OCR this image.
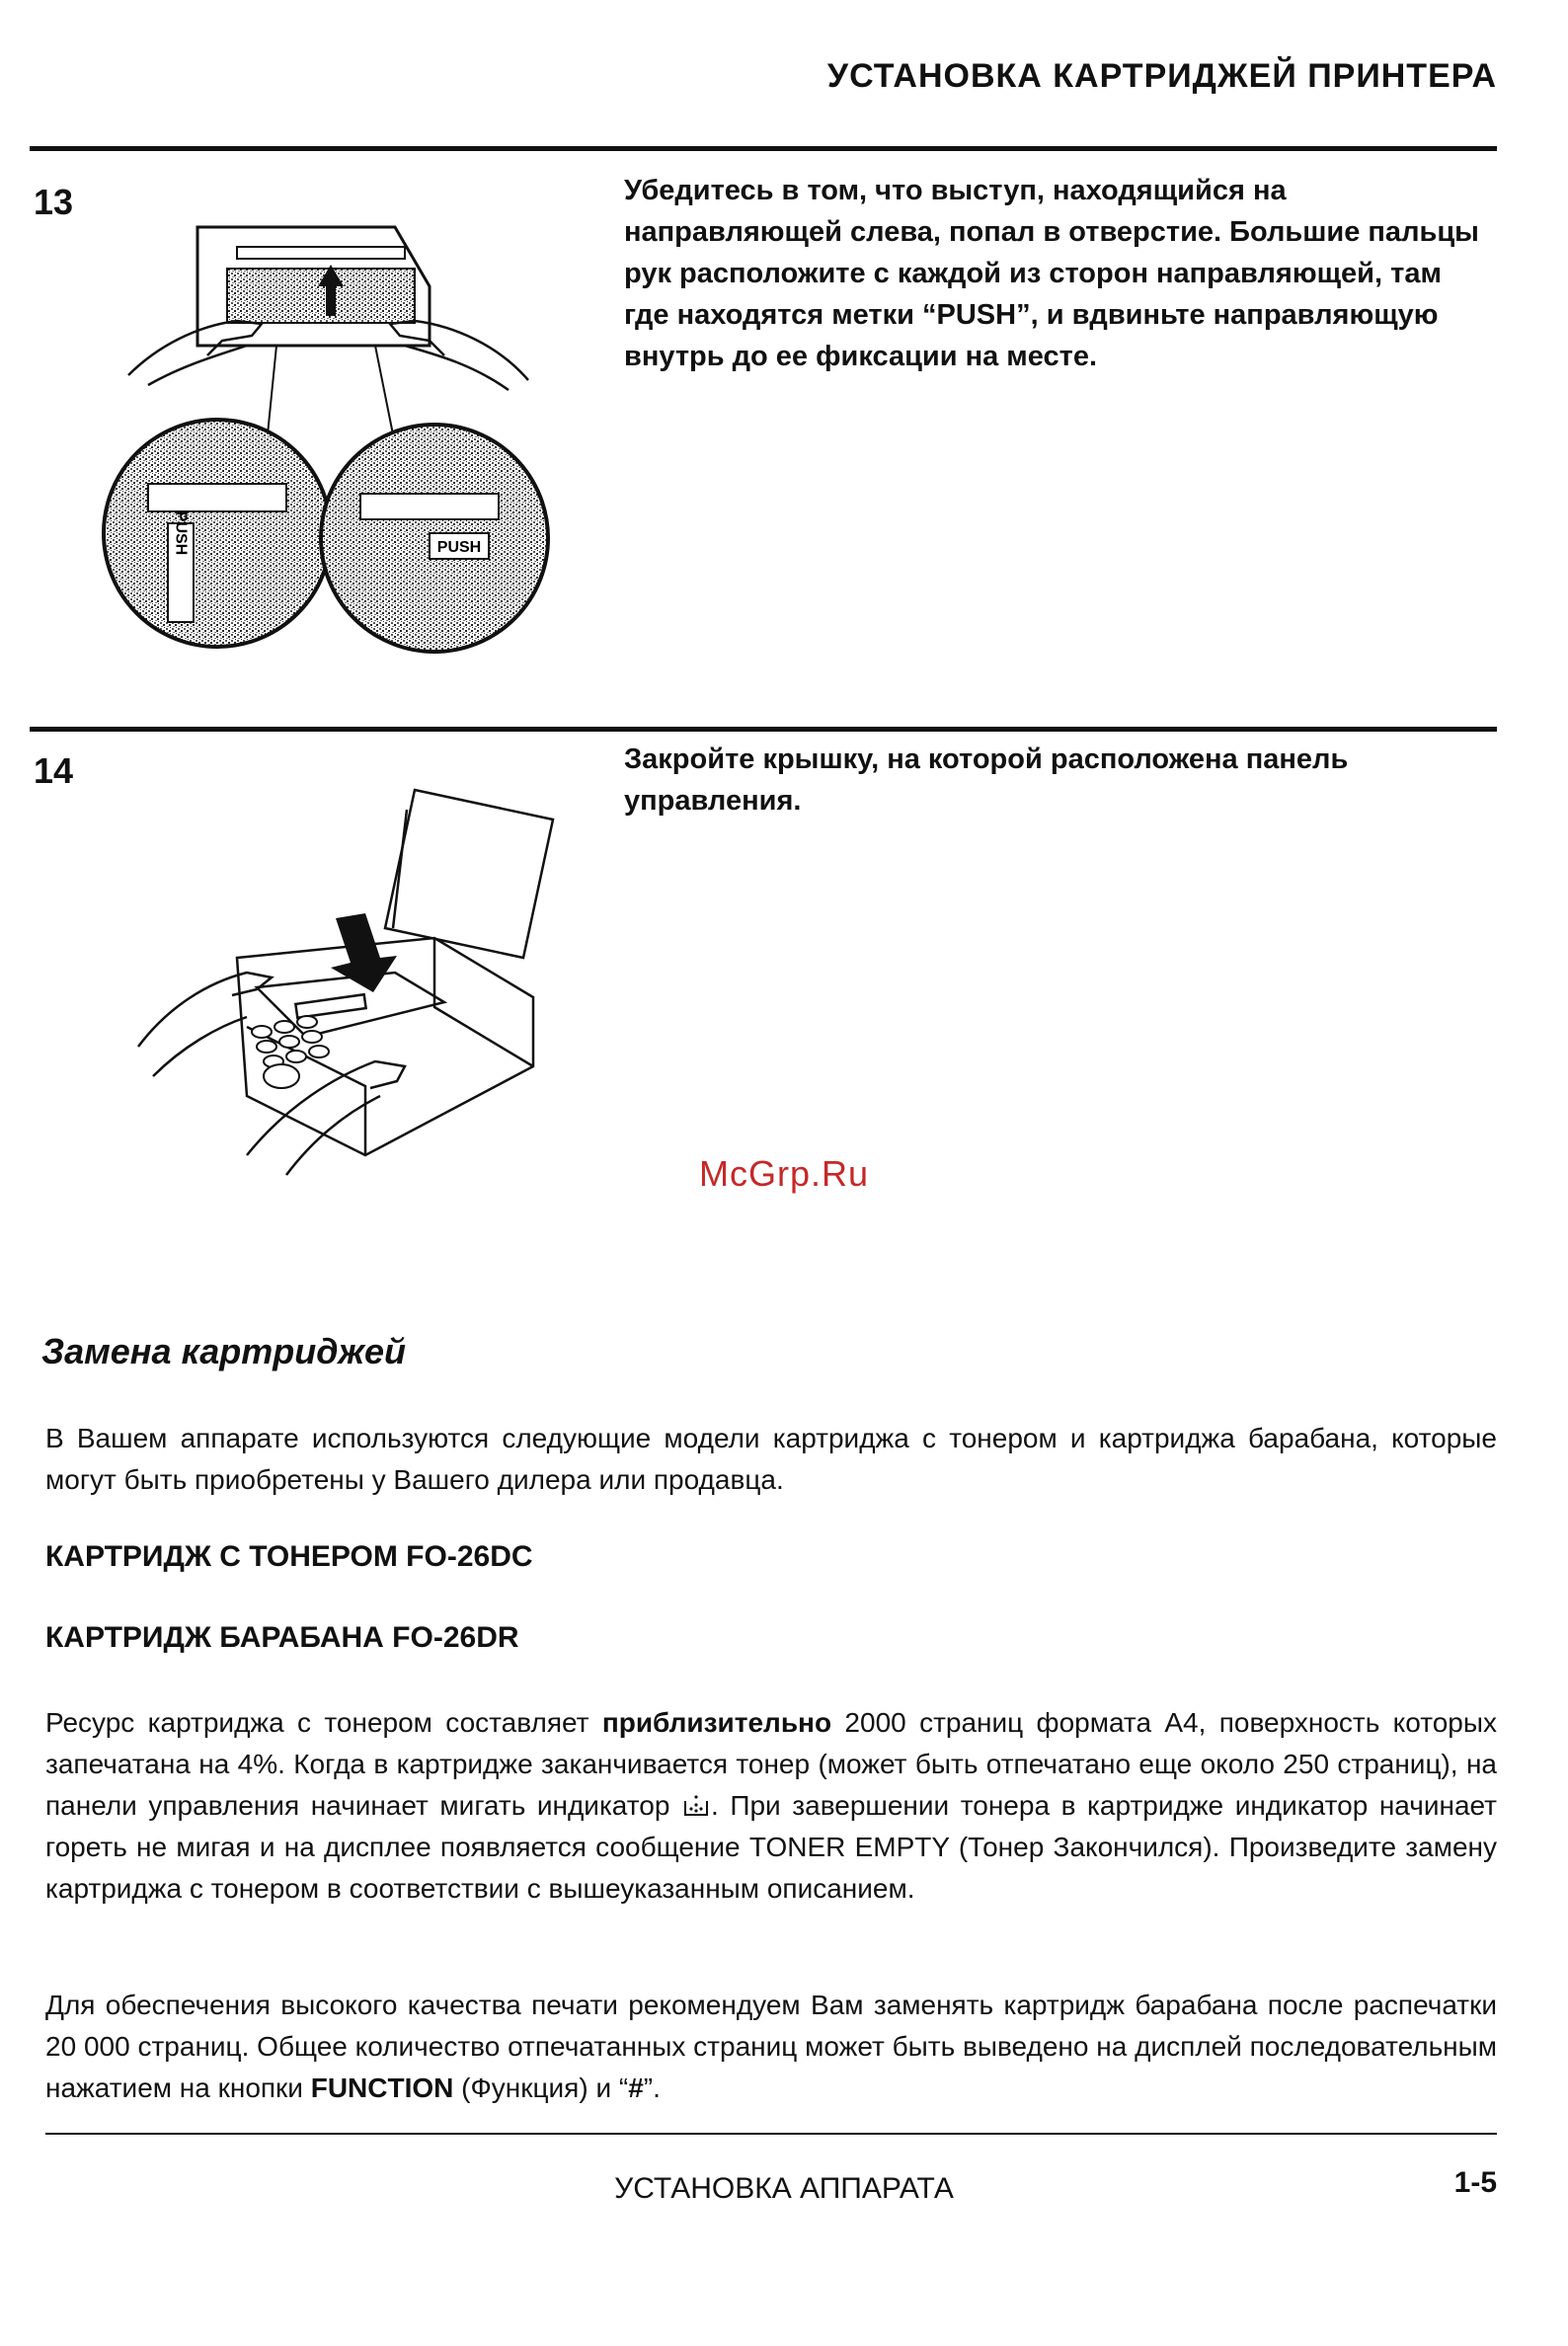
УСТАНОВКА КАРТРИДЖЕЙ ПРИНТЕРА
13	Убедитесь в том, что выступ, находящийся на направляющей слева, попал в отверстие. Большие пальцы рук расположите с каждой из сторон направляющей, там где находятся метки “PUSH”, и вдвиньте направляющую внутрь до ее фиксации на месте.
PUSH	PUSH
14	Закройте крышку, на которой расположена панель управления.
McGrp.Ru
Замена картриджей
В Вашем аппарате используются следующие модели картриджа с тонером и картриджа барабана, которые могут быть приобретены у Вашего дилера или продавца.
КАРТРИДЖ С ТОНЕРОМ FO-26DC
КАРТРИДЖ БАРАБАНА FO-26DR
Ресурс картриджа с тонером составляет приблизительно 2000 страниц формата А4, поверхность которых запечатана на 4%. Когда в картридже заканчивается тонер (может быть отпечатано еще около 250 страниц), на панели управления начинает мигать индикатор . При завершении тонера в картридже индикатор начинает гореть не мигая и на дисплее появляется сообщение TONER EMPTY (Тонер Закончился). Произведите замену картриджа с тонером в соответствии с вышеуказанным описанием.
Для обеспечения высокого качества печати рекомендуем Вам заменять картридж барабана после распечатки 20 000 страниц. Общее количество отпечатанных страниц может быть выведено на дисплей последовательным нажатием на кнопки FUNCTION (Функция) и “#”.
УСТАНОВКА АППАРАТА	1-5
